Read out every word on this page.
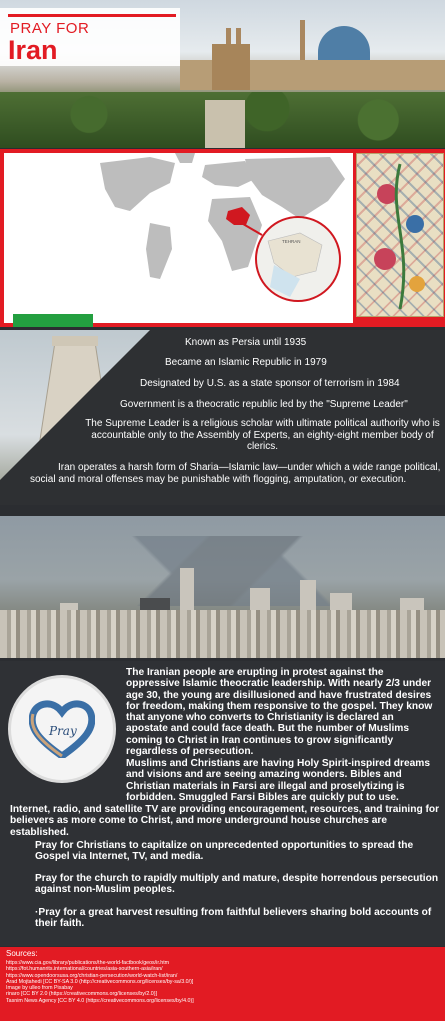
PRAY FOR
Iran
TEHRAN
Known as Persia until 1935
Became an Islamic Republic in 1979
Designated by U.S. as a state sponsor of terrorism in 1984
Government is a theocratic republic led by the "Supreme Leader"
The Supreme Leader is a religious scholar with ultimate political authority who is accountable only to the Assembly of Experts, an eighty-eight member body of clerics.
Iran operates a harsh form of Sharia—Islamic law—under which a wide range political, social and moral offenses may be punishable with flogging, amputation, or execution.
Pray
The Iranian people are erupting in protest against the oppressive Islamic theocratic leadership. With nearly 2/3 under age 30, the young are disillusioned and have frustrated desires for freedom, making them responsive to the gospel. They know that anyone who converts to Christianity is declared an apostate and could face death. But the number of Muslims coming to Christ in Iran continues to grow significantly regardless of persecution.
Muslims and Christians are having Holy Spirit-inspired dreams and visions and are seeing amazing wonders. Bibles and Christian materials in Farsi are illegal and proselytizing is forbidden. Smuggled Farsi Bibles are quickly put to use.
Internet, radio, and satellite TV are providing encouragement, resources, and training for believers as more come to Christ, and more underground house churches are established.
Pray for Christians to capitalize on unprecedented opportunities to spread the Gospel via Internet, TV, and media.
Pray for the church to rapidly multiply and mature, despite horrendous persecution against non-Muslim peoples.
·Pray for a great harvest resulting from faithful believers sharing bold accounts of their faith.
Sources:
https://www.cia.gov/library/publications/the-world-factbook/geos/ir.htm
https://fot.humanrits.international/countries/asia-southern-asia/iran/
https://www.opendoorsusa.org/christian-persecution/world-watch-list/iran/
Arad Mojtahedi [CC BY-SA 3.0 (http://creativecommons.org/licenses/by-sa/3.0/)]
Image by ulleo from Pixabay
rinaro [CC BY 2.0 (https://creativecommons.org/licenses/by/2.0)]
Tasnim News Agency [CC BY 4.0 (https://creativecommons.org/licenses/by/4.0)]
